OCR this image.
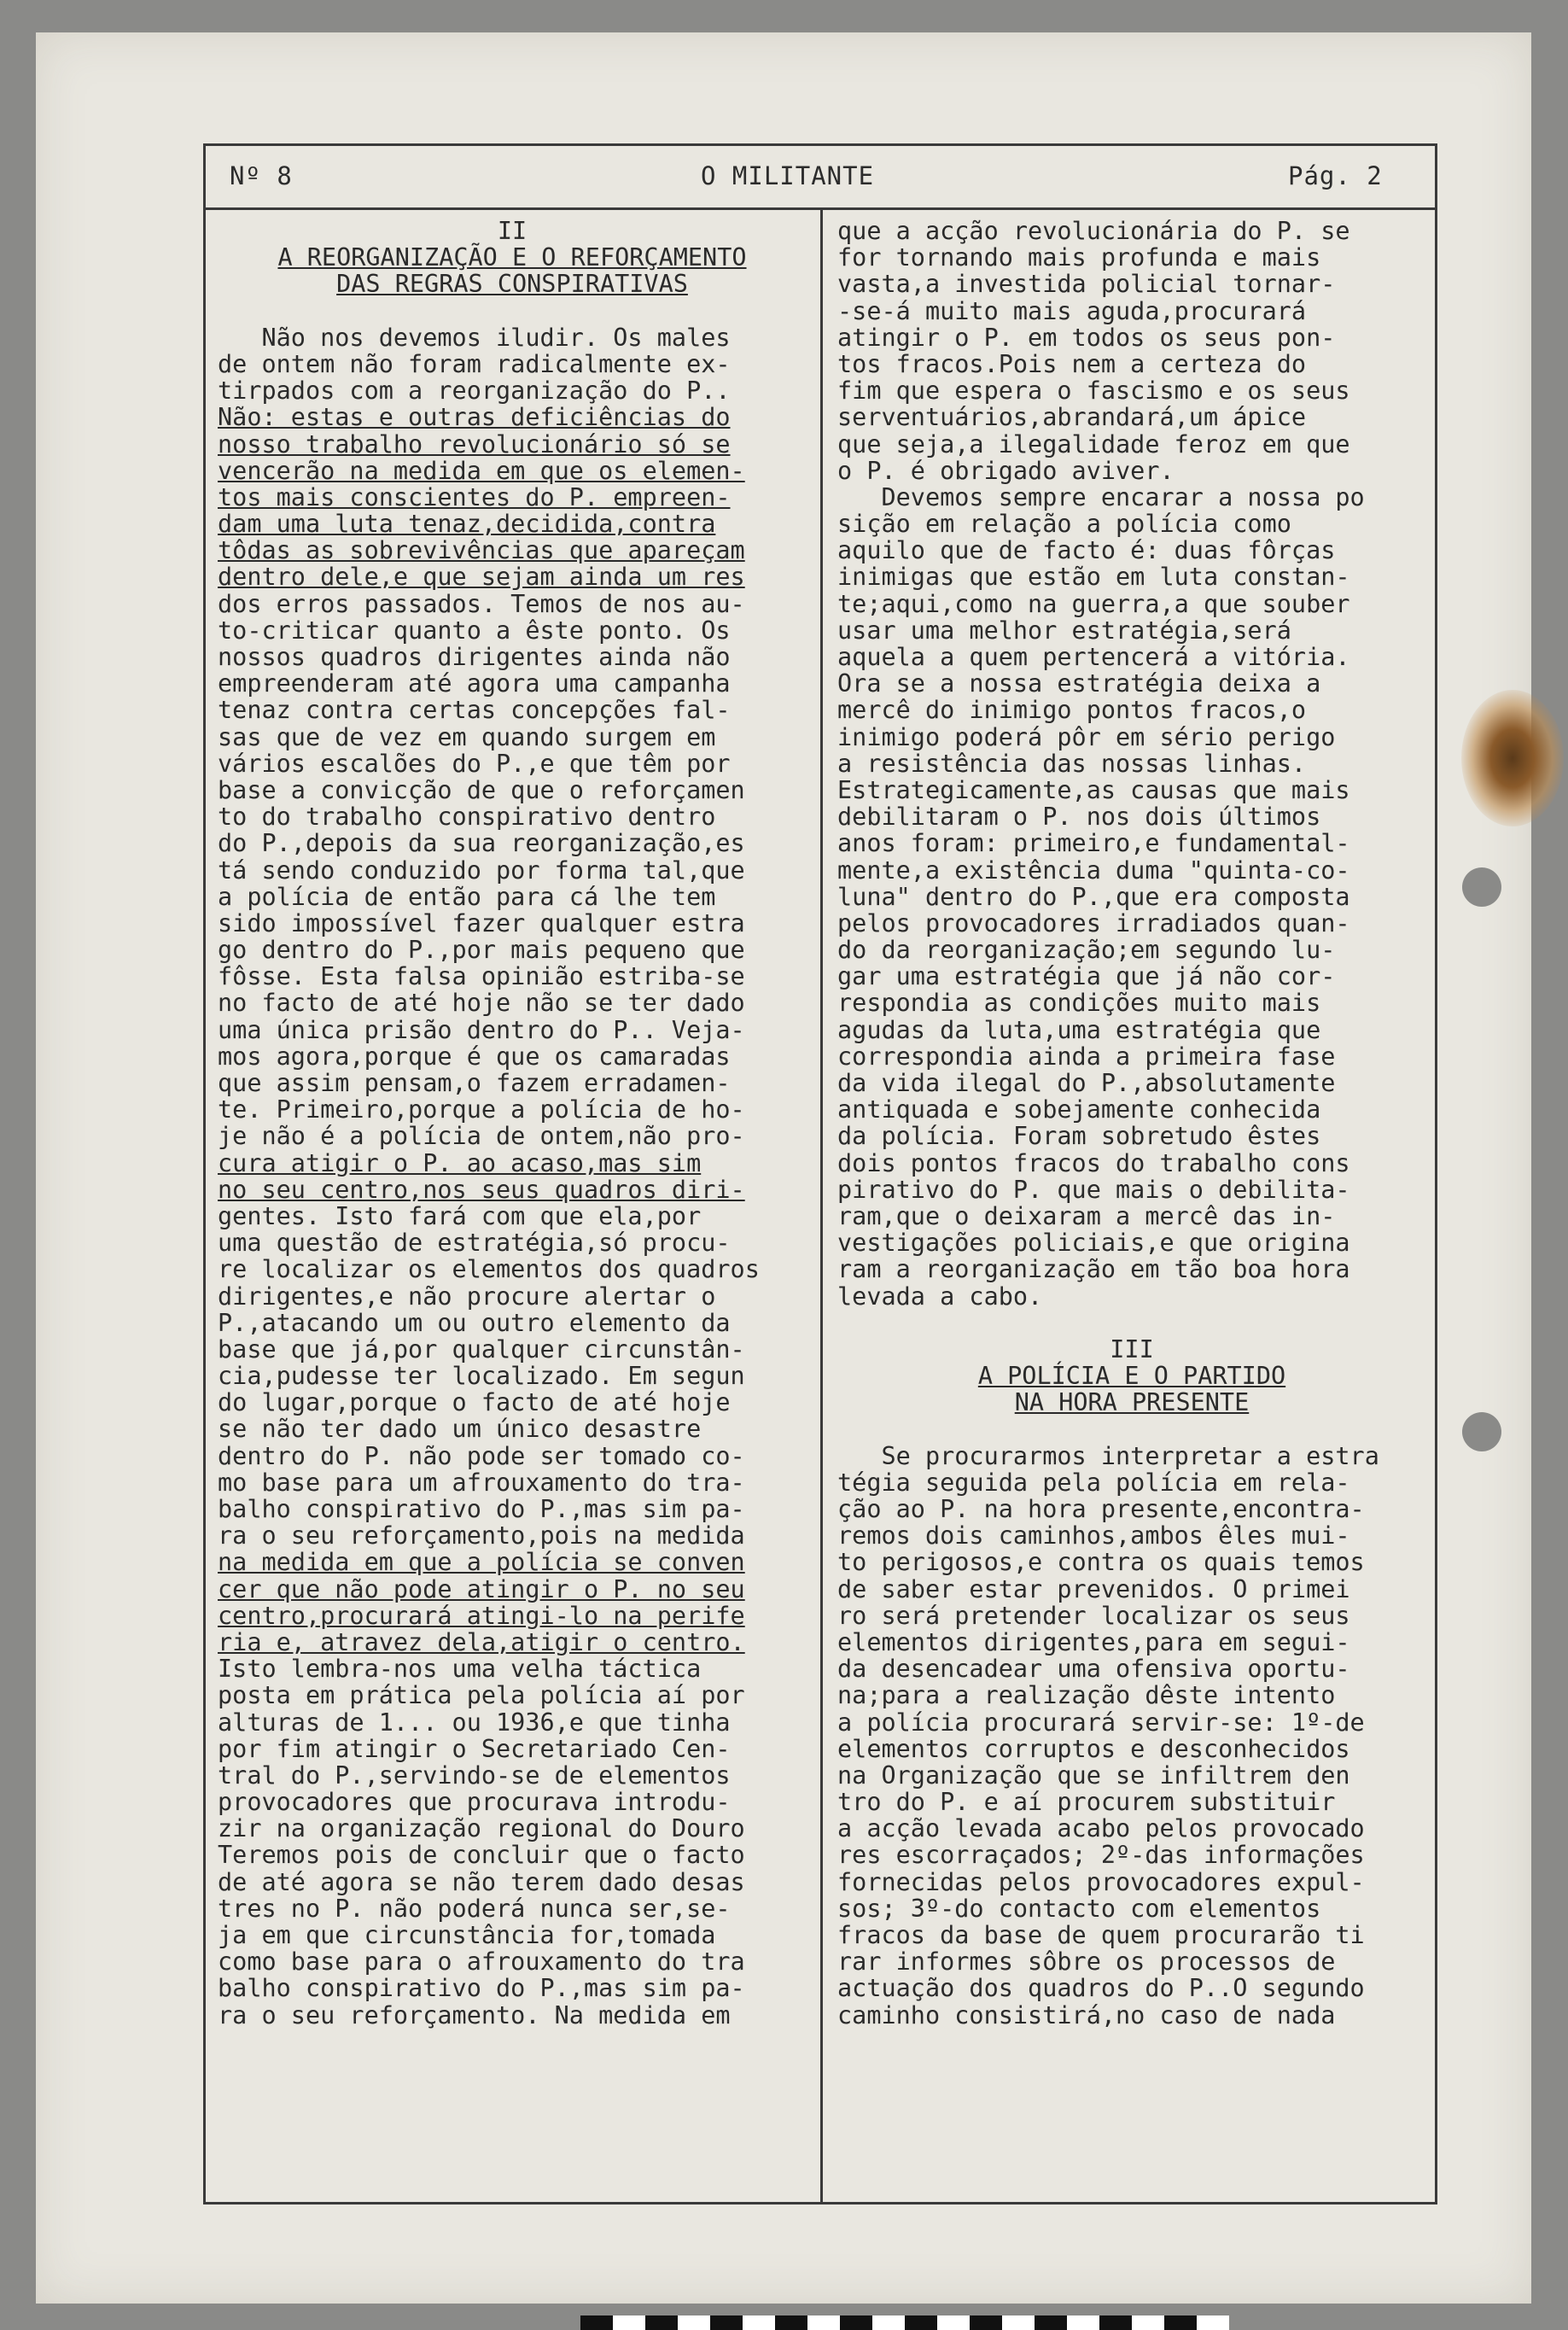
Nº 8	O MILITANTE	Pág. 2
II
A REORGANIZAÇÃO E O REFORÇAMENTO
DAS REGRAS CONSPIRATIVAS
Não nos devemos iludir. Os males
de ontem não foram radicalmente ex-
tirpados com a reorganização do P..
Não: estas e outras deficiências do
nosso trabalho revolucionário só se
vencerão na medida em que os elemen-
tos mais conscientes do P. empreen-
dam uma luta tenaz,decidida,contra
tôdas as sobrevivências que apareçam
dentro dele,e que sejam ainda um res
dos erros passados. Temos de nos au-
to-criticar quanto a êste ponto. Os
nossos quadros dirigentes ainda não
empreenderam até agora uma campanha
tenaz contra certas concepções fal-
sas que de vez em quando surgem em
vários escalões do P.,e que têm por
base a convicção de que o reforçamen
to do trabalho conspirativo dentro
do P.,depois da sua reorganização,es
tá sendo conduzido por forma tal,que
a polícia de então para cá lhe tem
sido impossível fazer qualquer estra
go dentro do P.,por mais pequeno que
fôsse. Esta falsa opinião estriba-se
no facto de até hoje não se ter dado
uma única prisão dentro do P.. Veja-
mos agora,porque é que os camaradas
que assim pensam,o fazem erradamen-
te. Primeiro,porque a polícia de ho-
je não é a polícia de ontem,não pro-
cura atigir o P. ao acaso,mas sim
no seu centro,nos seus quadros diri-
gentes. Isto fará com que ela,por
uma questão de estratégia,só procu-
re localizar os elementos dos quadros
dirigentes,e não procure alertar o
P.,atacando um ou outro elemento da
base que já,por qualquer circunstân-
cia,pudesse ter localizado. Em segun
do lugar,porque o facto de até hoje
se não ter dado um único desastre
dentro do P. não pode ser tomado co-
mo base para um afrouxamento do tra-
balho conspirativo do P.,mas sim pa-
ra o seu reforçamento,pois na medida
na medida em que a polícia se conven
cer que não pode atingir o P. no seu
centro,procurará atingi-lo na perife
ria e, atravez dela,atigir o centro.
Isto lembra-nos uma velha táctica
posta em prática pela polícia aí por
alturas de 1... ou 1936,e que tinha
por fim atingir o Secretariado Cen-
tral do P.,servindo-se de elementos
provocadores que procurava introdu-
zir na organização regional do Douro
Teremos pois de concluir que o facto
de até agora se não terem dado desas
tres no P. não poderá nunca ser,se-
ja em que circunstância for,tomada
como base para o afrouxamento do tra
balho conspirativo do P.,mas sim pa-
ra o seu reforçamento. Na medida em
que a acção revolucionária do P. se
for tornando mais profunda e mais
vasta,a investida policial tornar-
-se-á muito mais aguda,procurará
atingir o P. em todos os seus pon-
tos fracos.Pois nem a certeza do
fim que espera o fascismo e os seus
serventuários,abrandará,um ápice
que seja,a ilegalidade feroz em que
o P. é obrigado aviver.
Devemos sempre encarar a nossa po
sição em relação a polícia como
aquilo que de facto é: duas fôrças
inimigas que estão em luta constan-
te;aqui,como na guerra,a que souber
usar uma melhor estratégia,será
aquela a quem pertencerá a vitória.
Ora se a nossa estratégia deixa a
mercê do inimigo pontos fracos,o
inimigo poderá pôr em sério perigo
a resistência das nossas linhas.
Estrategicamente,as causas que mais
debilitaram o P. nos dois últimos
anos foram: primeiro,e fundamental-
mente,a existência duma "quinta-co-
luna" dentro do P.,que era composta
pelos provocadores irradiados quan-
do da reorganização;em segundo lu-
gar uma estratégia que já não cor-
respondia as condições muito mais
agudas da luta,uma estratégia que
correspondia ainda a primeira fase
da vida ilegal do P.,absolutamente
antiquada e sobejamente conhecida
da polícia. Foram sobretudo êstes
dois pontos fracos do trabalho cons
pirativo do P. que mais o debilita-
ram,que o deixaram a mercê das in-
vestigações policiais,e que origina
ram a reorganização em tão boa hora
levada a cabo.
III
A POLÍCIA E O PARTIDO
NA HORA PRESENTE
Se procurarmos interpretar a estra
tégia seguida pela polícia em rela-
ção ao P. na hora presente,encontra-
remos dois caminhos,ambos êles mui-
to perigosos,e contra os quais temos
de saber estar prevenidos. O primei
ro será pretender localizar os seus
elementos dirigentes,para em segui-
da desencadear uma ofensiva oportu-
na;para a realização dêste intento
a polícia procurará servir-se: 1º-de
elementos corruptos e desconhecidos
na Organização que se infiltrem den
tro do P. e aí procurem substituir
a acção levada acabo pelos provocado
res escorraçados; 2º-das informações
fornecidas pelos provocadores expul-
sos; 3º-do contacto com elementos
fracos da base de quem procurarão ti
rar informes sôbre os processos de
actuação dos quadros do P..O segundo
caminho consistirá,no caso de nada
